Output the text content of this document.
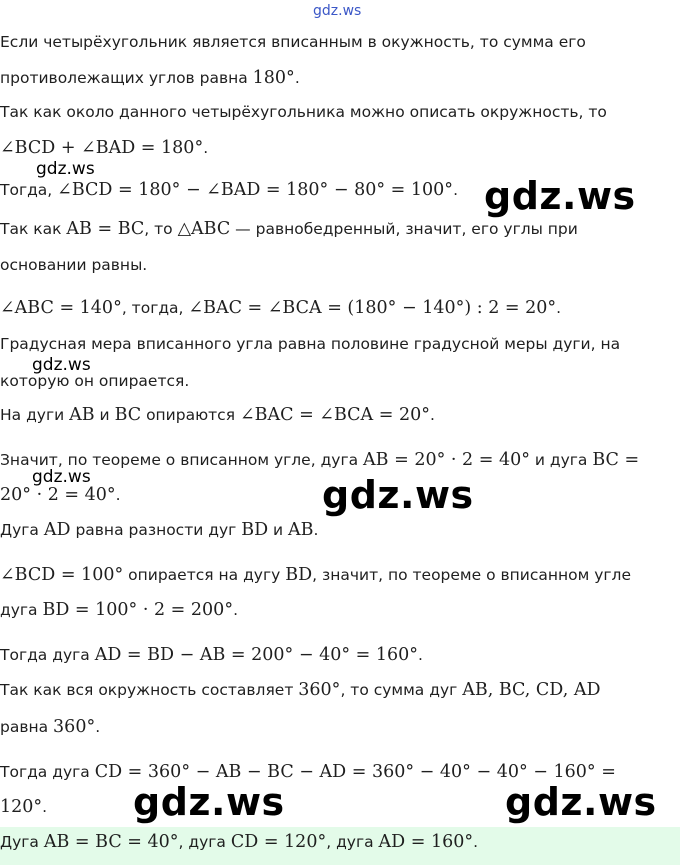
Если четырёхугольник является вписанным в окужность, то сумма его
противолежащих углов равна 180°.
Так как около данного четырёхугольника можно описать окружность, то
∠BCD + ∠BAD = 180°.
Тогда, ∠BCD = 180° − ∠BAD = 180° − 80° = 100°.
Так как AB = BC, то △ABC — равнобедренный, значит, его углы при
основании равны.
∠ABC = 140°, тогда, ∠BAC = ∠BCA = (180° − 140°) : 2 = 20°.
Градусная мера вписанного угла равна половине градусной меры дуги, на
которую он опирается.
На дуги AB и BC опираются ∠BAC = ∠BCA = 20°.
Значит, по теореме о вписанном угле, дуга AB = 20° · 2 = 40° и дуга BC =
20° · 2 = 40°.
Дуга AD равна разности дуг BD и AB.
∠BCD = 100° опирается на дугу BD, значит, по теореме о вписанном угле
дуга BD = 100° · 2 = 200°.
Тогда дуга AD = BD − AB = 200° − 40° = 160°.
Так как вся окружность составляет 360°, то сумма дуг AB, BC, CD, AD
равна 360°.
Тогда дуга CD = 360° − AB − BC − AD = 360° − 40° − 40° − 160° =
120°.
Дуга AB = BC = 40°, дуга CD = 120°, дуга AD = 160°.
gdz.ws
gdz.ws
gdz.ws
gdz.ws
gdz.ws	gdz.ws
gdz.ws	gdz.ws
